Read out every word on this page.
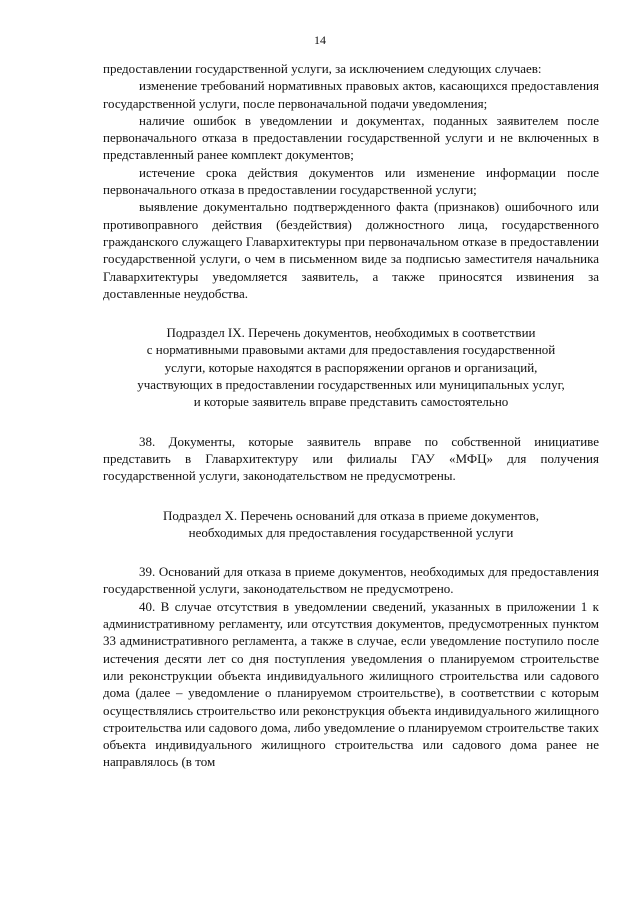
14

предоставлении государственной услуги, за исключением следующих случаев:

изменение требований нормативных правовых актов, касающихся предоставления государственной услуги, после первоначальной подачи уведомления;

наличие ошибок в уведомлении и документах, поданных заявителем после первоначального отказа в предоставлении государственной услуги и не включенных в представленный ранее комплект документов;

истечение срока действия документов или изменение информации после первоначального отказа в предоставлении государственной услуги;

выявление документально подтвержденного факта (признаков) ошибочного или противоправного действия (бездействия) должностного лица, государственного гражданского служащего Главархитектуры при первоначальном отказе в предоставлении государственной услуги, о чем в письменном виде за подписью заместителя начальника Главархитектуры уведомляется заявитель, а также приносятся извинения за доставленные неудобства.

Подраздел IX. Перечень документов, необходимых в соответствии
с нормативными правовыми актами для предоставления государственной
услуги, которые находятся в распоряжении органов и организаций,
участвующих в предоставлении государственных или муниципальных услуг,
и которые заявитель вправе представить самостоятельно

38. Документы, которые заявитель вправе по собственной инициативе представить в Главархитектуру или филиалы ГАУ «МФЦ» для получения государственной услуги, законодательством не предусмотрены.

Подраздел X. Перечень оснований для отказа в приеме документов,
необходимых для предоставления государственной услуги

39. Оснований для отказа в приеме документов, необходимых для предоставления государственной услуги, законодательством не предусмотрено.

40. В случае отсутствия в уведомлении сведений, указанных в приложении 1 к административному регламенту, или отсутствия документов, предусмотренных пунктом 33 административного регламента, а также в случае, если уведомление поступило после истечения десяти лет со дня поступления уведомления о планируемом строительстве или реконструкции объекта индивидуального жилищного строительства или садового дома (далее – уведомление о планируемом строительстве), в соответствии с которым осуществлялись строительство или реконструкция объекта индивидуального жилищного строительства или садового дома, либо уведомление о планируемом строительстве таких объекта индивидуального жилищного строительства или садового дома ранее не направлялось (в том
